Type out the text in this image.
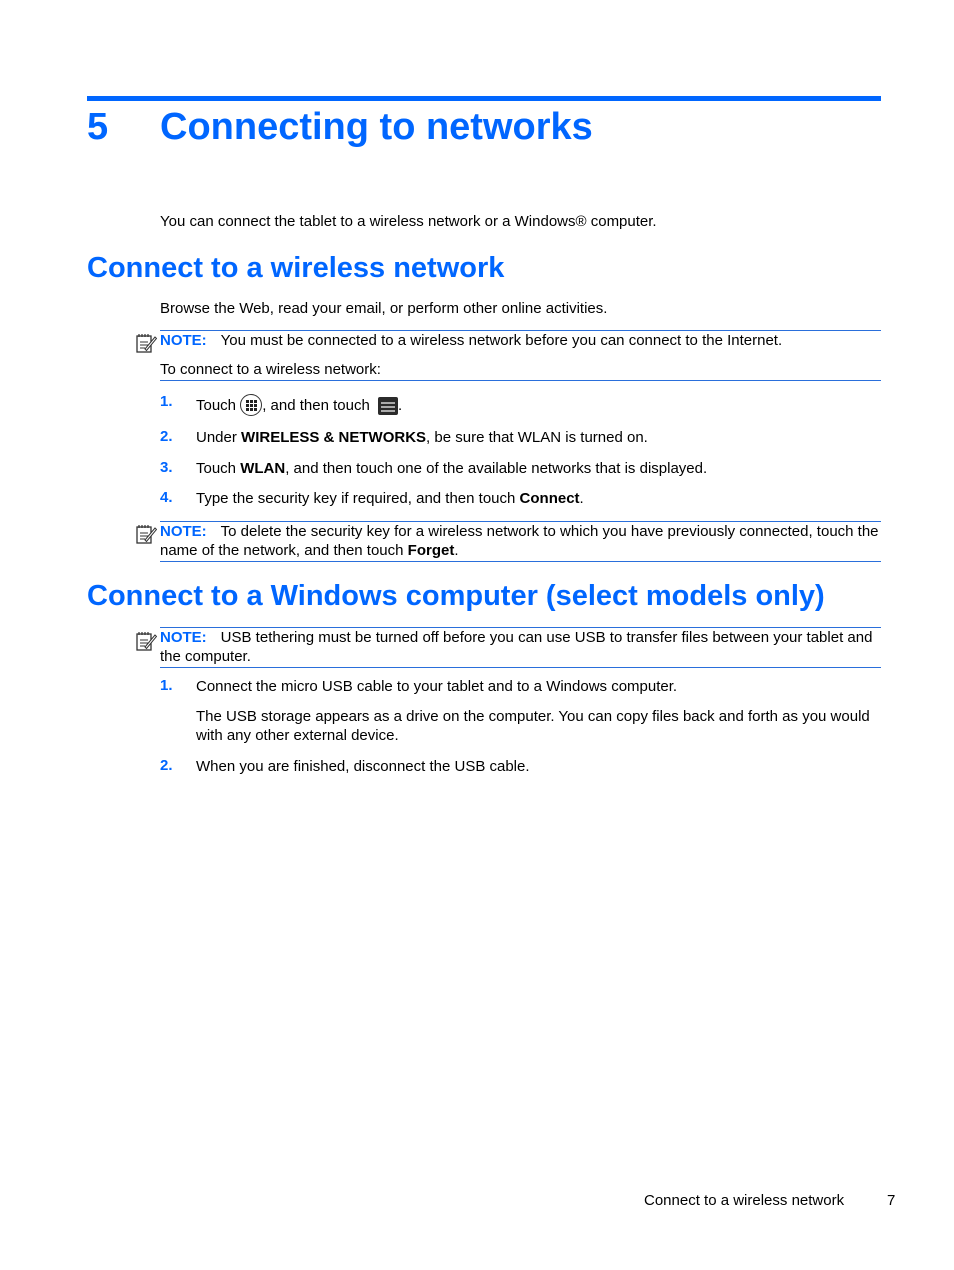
5 Connecting to networks
You can connect the tablet to a wireless network or a Windows® computer.
Connect to a wireless network
Browse the Web, read your email, or perform other online activities.
NOTE: You must be connected to a wireless network before you can connect to the Internet.
To connect to a wireless network:
1. Touch , and then touch .
2. Under WIRELESS & NETWORKS, be sure that WLAN is turned on.
3. Touch WLAN, and then touch one of the available networks that is displayed.
4. Type the security key if required, and then touch Connect.
NOTE: To delete the security key for a wireless network to which you have previously connected, touch the name of the network, and then touch Forget.
Connect to a Windows computer (select models only)
NOTE: USB tethering must be turned off before you can use USB to transfer files between your tablet and the computer.
1. Connect the micro USB cable to your tablet and to a Windows computer.
The USB storage appears as a drive on the computer. You can copy files back and forth as you would with any other external device.
2. When you are finished, disconnect the USB cable.
Connect to a wireless network	7
